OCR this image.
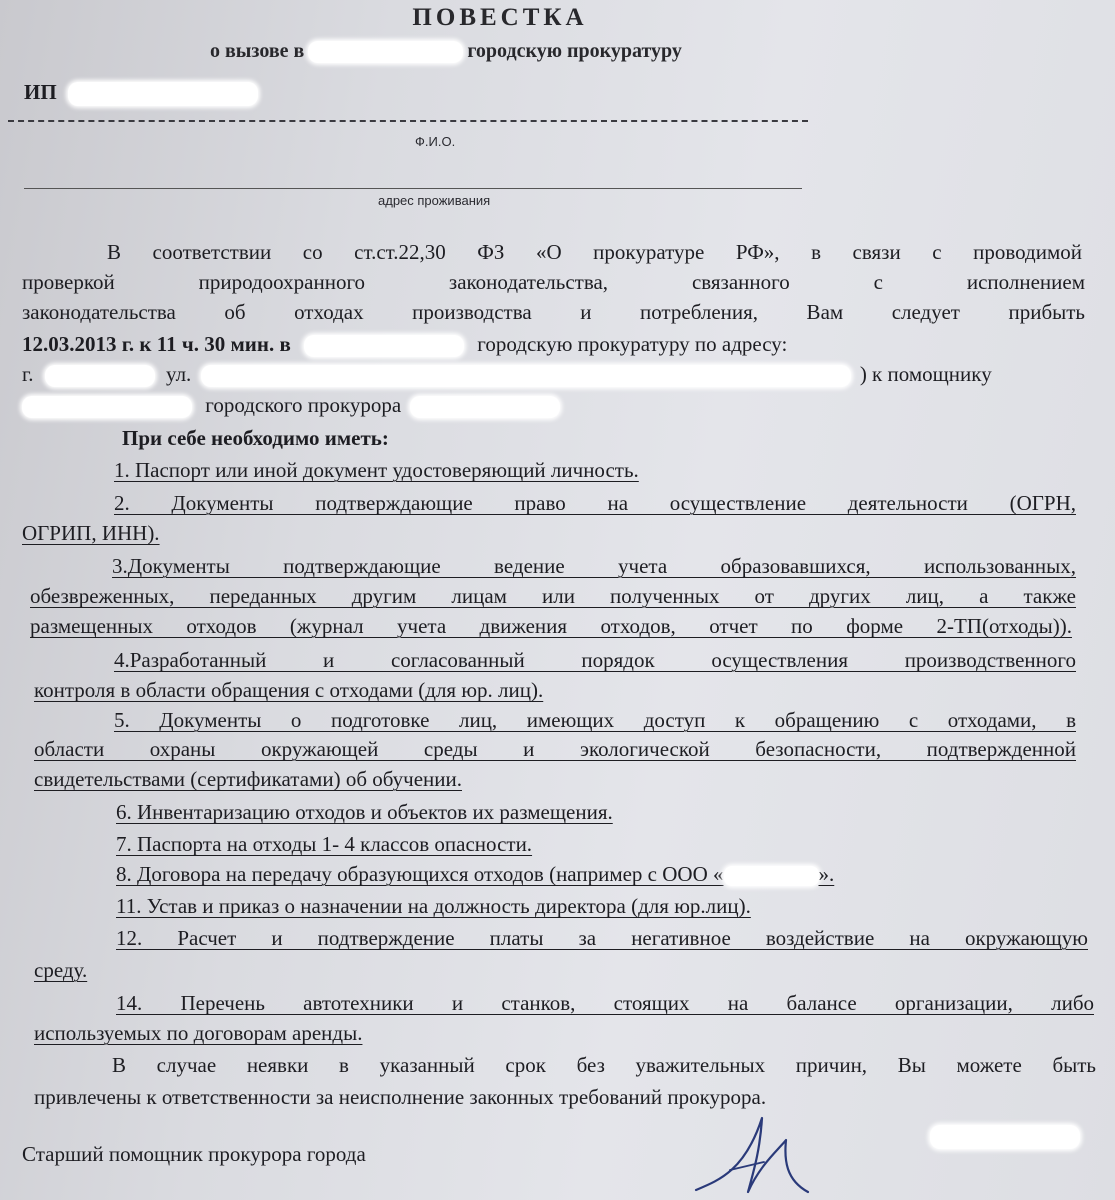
ПОВЕСТКА
о вызове в	городскую прокуратуру
ИП
Ф.И.О.
адрес проживания
В соответствии со ст.ст.22,30 ФЗ «О прокуратуре РФ», в связи с проводимой
проверкой природоохранного законодательства, связанного с исполнением
законодательства об отходах производства и потребления, Вам следует прибыть
12.03.2013 г. к 11 ч. 30 мин. в	городскую прокуратуру по адресу:
г.	ул.	) к помощнику
городского прокурора
При себе необходимо иметь:
1. Паспорт или иной документ удостоверяющий личность.
2. Документы подтверждающие право на осуществление деятельности (ОГРН,
ОГРИП, ИНН).
3.Документы подтверждающие ведение учета образовавшихся, использованных,
обезвреженных, переданных другим лицам или полученных от других лиц, а также
размещенных отходов (журнал учета движения отходов, отчет по форме 2-ТП(отходы)).
4.Разработанный и согласованный порядок осуществления производственного
контроля в области обращения с отходами (для юр. лиц).
5. Документы о подготовке лиц, имеющих доступ к обращению с отходами, в
области охраны окружающей среды и экологической безопасности, подтвержденной
свидетельствами (сертификатами) об обучении.
6. Инвентаризацию отходов и объектов их размещения.
7. Паспорта на отходы 1- 4 классов опасности.
8. Договора на передачу образующихся отходов (например с ООО «	».
11. Устав и приказ о назначении на должность директора (для юр.лиц).
12. Расчет и подтверждение платы за негативное воздействие на окружающую
среду.
14. Перечень автотехники и станков, стоящих на балансе организации, либо
используемых по договорам аренды.
В случае неявки в указанный срок без уважительных причин, Вы можете быть
привлечены к ответственности за неисполнение законных требований прокурора.
Старший помощник прокурора города
